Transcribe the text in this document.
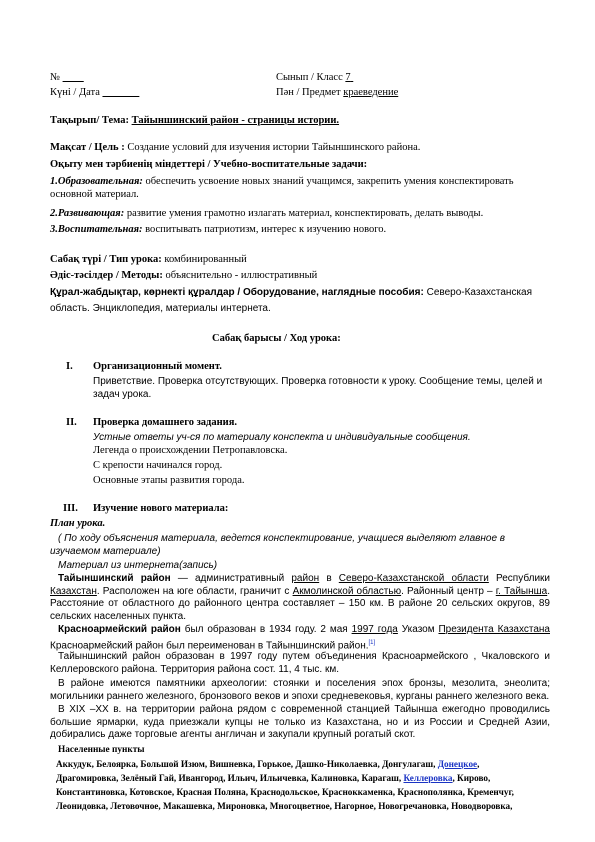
№ ____	Сынып / Класс 7
Күні / Дата _______	Пән / Предмет краеведение
Тақырып/ Тема: Тайыншинский район - страницы истории.
Мақсат / Цель : Создание условий для изучения истории Тайыншинского района.
Оқыту мен тәрбиенің міндеттері / Учебно-воспитательные задачи:
1.Образовательная: обеспечить усвоение новых знаний учащимся, закрепить умения конспектировать основной материал.
2.Развивающая: развитие умения грамотно излагать материал, конспектировать, делать выводы.
3.Воспитательная: воспитывать патриотизм, интерес к изучению нового.
Сабақ түрі / Тип урока: комбинированный
Әдіс-тәсілдер / Методы: объяснительно - иллюстративный
Құрал-жабдықтар, көрнекті құралдар / Оборудование, наглядные пособия: Северо-Казахстанская
область. Энциклопедия, материалы интернета.
Сабақ барысы / Ход урока:
I. Организационный момент.
Приветствие. Проверка отсутствующих. Проверка готовности к уроку. Сообщение темы, целей и задач урока.
II. Проверка домашнего задания.
Устные ответы уч-ся по материалу конспекта и индивидуальные сообщения.
Легенда о происхождении Петропавловска.
С крепости начинался город.
Основные этапы развития города.
III. Изучение нового материала:
План урока.
( По ходу объяснения материала, ведется конспектирование, учащиеся выделяют главное в изучаемом материале)
Материал из интернета(запись)
Тайыншинский район — административный район в Северо-Казахстанской области Республики Казахстан. Расположен на юге области, граничит с Акмолинской областью. Районный центр – г. Тайынша. Расстояние от областного до районного центра составляет – 150 км. В районе 20 сельских округов, 89 сельских населенных пункта.
Красноармейский район был образован в 1934 году. 2 мая 1997 года Указом Президента Казахстана Красноармейский район был переименован в Тайыншинский район.[1]
Тайыншинский район образован в 1997 году путем объединения Красноармейского , Чкаловского и Келлеровского района. Территория района сост. 11, 4 тыс. км.
В районе имеются памятники археологии: стоянки и поселения эпох бронзы, мезолита, энеолита; могильники раннего железного, бронзового веков и эпохи средневековья, курганы раннего железного века.
В XIX –XX в. на территории района рядом с современной станцией Тайынша ежегодно проводились большие ярмарки, куда приезжали купцы не только из Казахстана, но и из России и Средней Азии, добирались даже торговые агенты англичан и закупали крупный рогатый скот.
Населенные пункты
Аккудук, Белоярка, Большой Изюм, Вишневка, Горькое, Дашко-Николаевка, Донгулагаш, Донецкое,
Драгомировка, Зелёный Гай, Ивангород, Ильич, Ильичевка, Калиновка, Карагаш, Келлеровка, Кирово,
Константиновка, Котовское, Красная Поляна, Краснодольское, Красноккаменка, Краснополянка, Кременчуг,
Леонидовка, Летовочное, Макашевка, Мироновка, Многоцветное, Нагорное, Новогречановка, Новодворовка,
